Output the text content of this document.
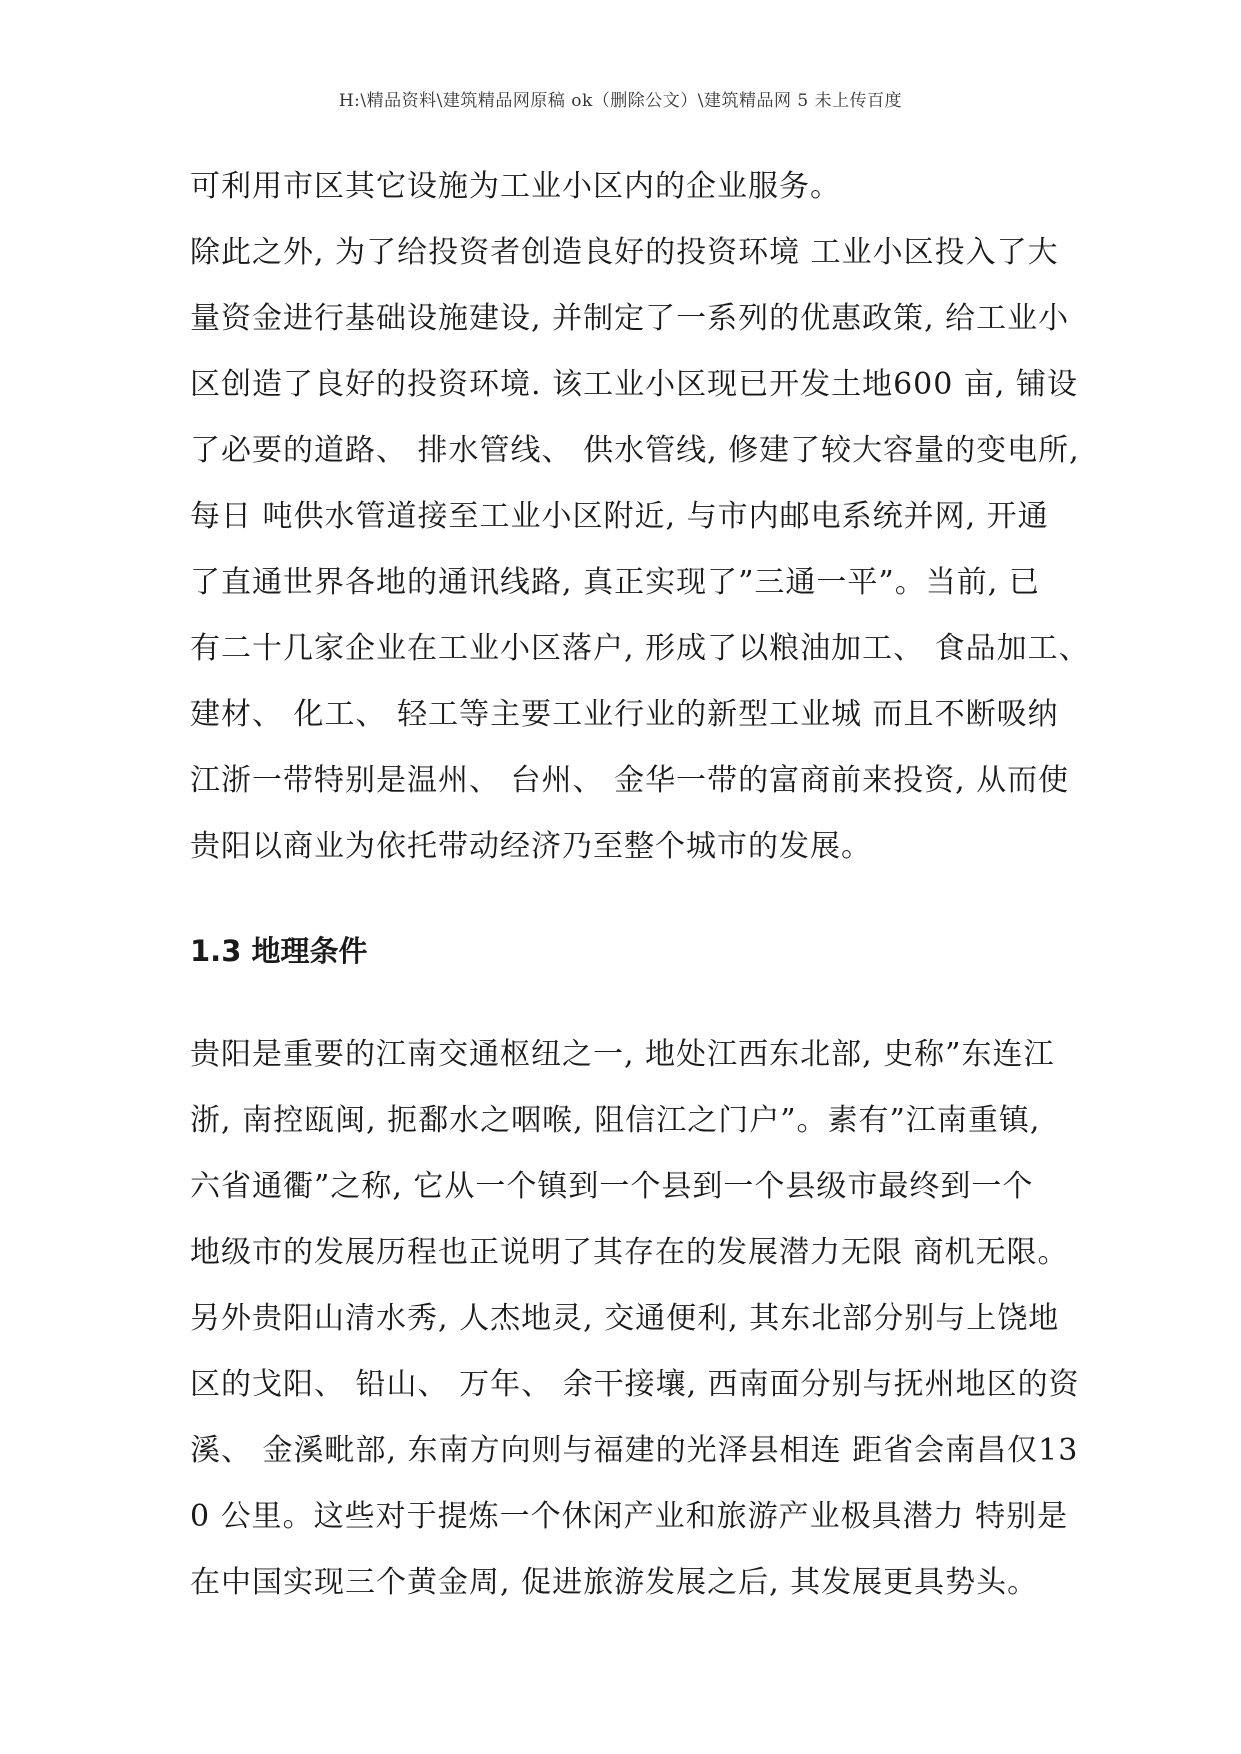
H:\精品资料\建筑精品网原稿 ok（删除公文）\建筑精品网 5 未上传百度
可利用市区其它设施为工业小区内的企业服务。
除此之外, 为了给投资者创造良好的投资环境 工业小区投入了大
量资金进行基础设施建设, 并制定了一系列的优惠政策, 给工业小
区创造了良好的投资环境. 该工业小区现已开发土地600 亩, 铺设
了必要的道路、 排水管线、 供水管线, 修建了较大容量的变电所,
每日 吨供水管道接至工业小区附近, 与市内邮电系统并网, 开通
了直通世界各地的通讯线路, 真正实现了”三通一平”。当前, 已
有二十几家企业在工业小区落户, 形成了以粮油加工、 食品加工、
建材、 化工、 轻工等主要工业行业的新型工业城 而且不断吸纳
江浙一带特别是温州、 台州、 金华一带的富商前来投资, 从而使
贵阳以商业为依托带动经济乃至整个城市的发展。
1.3 地理条件
贵阳是重要的江南交通枢纽之一, 地处江西东北部, 史称”东连江
浙, 南控瓯闽, 扼鄱水之咽喉, 阻信江之门户”。素有”江南重镇,
六省通衢”之称, 它从一个镇到一个县到一个县级市最终到一个
地级市的发展历程也正说明了其存在的发展潜力无限 商机无限。
另外贵阳山清水秀, 人杰地灵, 交通便利, 其东北部分别与上饶地
区的戈阳、 铅山、 万年、 余干接壤, 西南面分别与抚州地区的资
溪、 金溪毗部, 东南方向则与福建的光泽县相连 距省会南昌仅13
0 公里。这些对于提炼一个休闲产业和旅游产业极具潜力 特别是
在中国实现三个黄金周, 促进旅游发展之后, 其发展更具势头。
